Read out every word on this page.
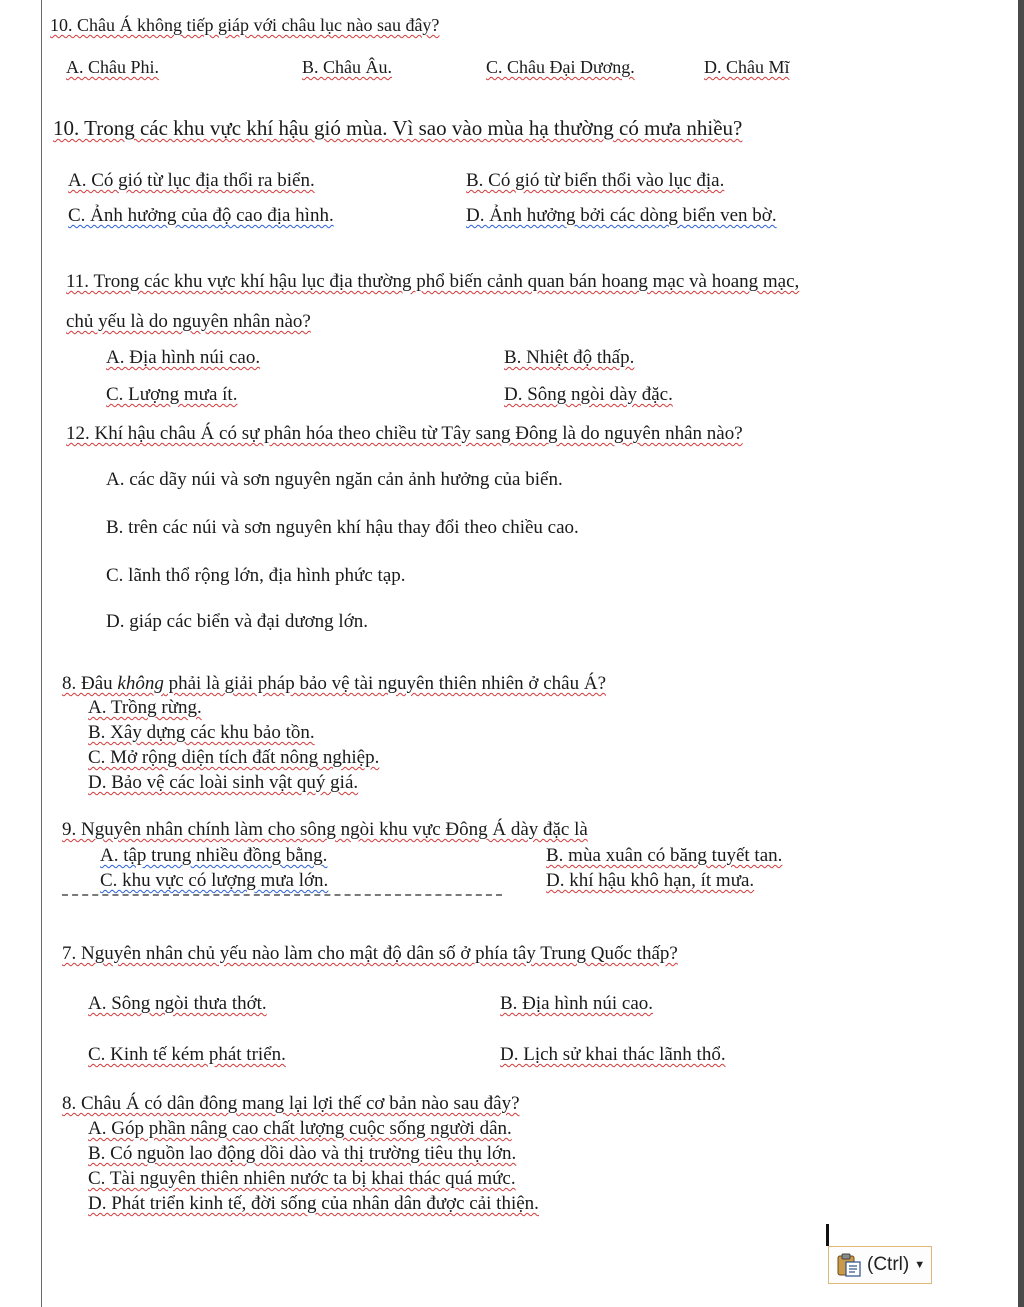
10. Châu Á không tiếp giáp với châu lục nào sau đây?
A. Châu Phi.	B. Châu Âu.	C. Châu Đại Dương.	D. Châu Mĩ
10. Trong các khu vực khí hậu gió mùa. Vì sao vào mùa hạ thường có mưa nhiều?
A. Có gió từ lục địa thổi ra biển.	B. Có gió từ biển thổi vào lục địa.
C. Ảnh hưởng của độ cao địa hình.	D. Ảnh hưởng bởi các dòng biển ven bờ.
11. Trong các khu vực khí hậu lục địa thường phổ biến cảnh quan bán hoang mạc và hoang mạc,
chủ yếu là do nguyên nhân nào?
A. Địa hình núi cao.	B. Nhiệt độ thấp.
C. Lượng mưa ít.	D. Sông ngòi dày đặc.
12. Khí hậu châu Á có sự phân hóa theo chiều từ Tây sang Đông là do nguyên nhân nào?
A. các dãy núi và sơn nguyên ngăn cản ảnh hưởng của biển.
B. trên các núi và sơn nguyên khí hậu thay đổi theo chiều cao.
C. lãnh thổ rộng lớn, địa hình phức tạp.
D. giáp các biển và đại dương lớn.
8. Đâu không phải là giải pháp bảo vệ tài nguyên thiên nhiên ở châu Á?
A. Trồng rừng.
B. Xây dựng các khu bảo tồn.
C. Mở rộng diện tích đất nông nghiệp.
D. Bảo vệ các loài sinh vật quý giá.
9. Nguyên nhân chính làm cho sông ngòi khu vực Đông Á dày đặc là
A. tập trung nhiều đồng bằng.	B. mùa xuân có băng tuyết tan.
C. khu vực có lượng mưa lớn.	D. khí hậu khô hạn, ít mưa.
7. Nguyên nhân chủ yếu nào làm cho mật độ dân số ở phía tây Trung Quốc thấp?
A. Sông ngòi thưa thớt.	B. Địa hình núi cao.
C. Kinh tế kém phát triển.	D. Lịch sử khai thác lãnh thổ.
8. Châu Á có dân đông mang lại lợi thế cơ bản nào sau đây?
A. Góp phần nâng cao chất lượng cuộc sống người dân.
B. Có nguồn lao động dồi dào và thị trường tiêu thụ lớn.
C. Tài nguyên thiên nhiên nước ta bị khai thác quá mức.
D. Phát triển kinh tế, đời sống của nhân dân được cải thiện.
(Ctrl) ▼
